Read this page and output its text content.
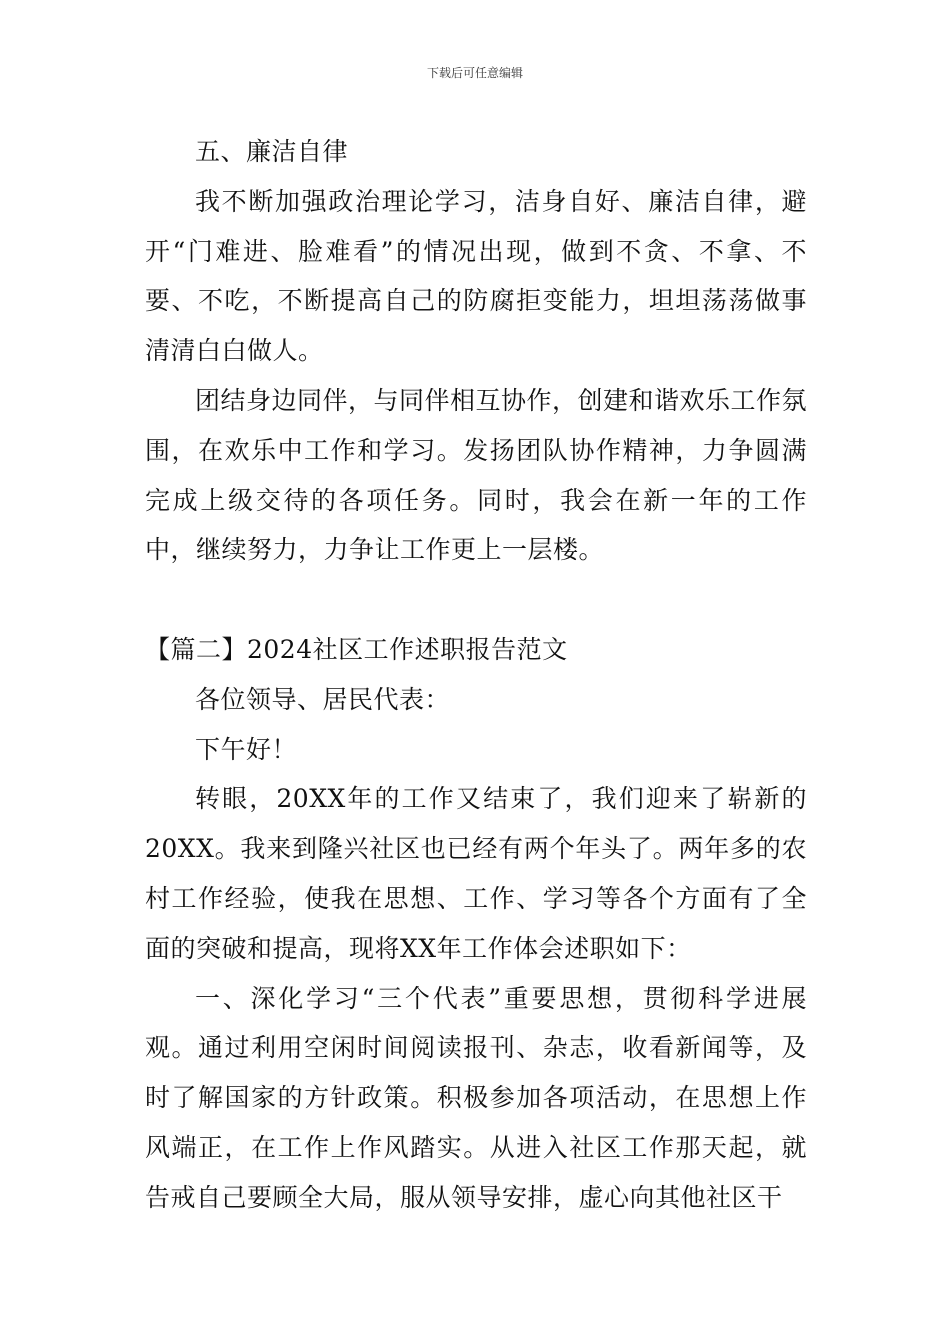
下载后可任意编辑

五、廉洁自律

我不断加强政治理论学习，洁身自好、廉洁自律，避开“门难进、脸难看”的情况出现，做到不贪、不拿、不要、不吃，不断提高自己的防腐拒变能力，坦坦荡荡做事清清白白做人。

团结身边同伴，与同伴相互协作，创建和谐欢乐工作氛围，在欢乐中工作和学习。发扬团队协作精神，力争圆满完成上级交待的各项任务。同时，我会在新一年的工作中，继续努力，力争让工作更上一层楼。

【篇二】2024社区工作述职报告范文

各位领导、居民代表：

下午好！

转眼，20XX年的工作又结束了，我们迎来了崭新的20XX。我来到隆兴社区也已经有两个年头了。两年多的农村工作经验，使我在思想、工作、学习等各个方面有了全面的突破和提高，现将XX年工作体会述职如下：

一、深化学习“三个代表”重要思想，贯彻科学进展观。通过利用空闲时间阅读报刊、杂志，收看新闻等，及时了解国家的方针政策。积极参加各项活动，在思想上作风端正，在工作上作风踏实。从进入社区工作那天起，就告戒自己要顾全大局，服从领导安排，虚心向其他社区干
